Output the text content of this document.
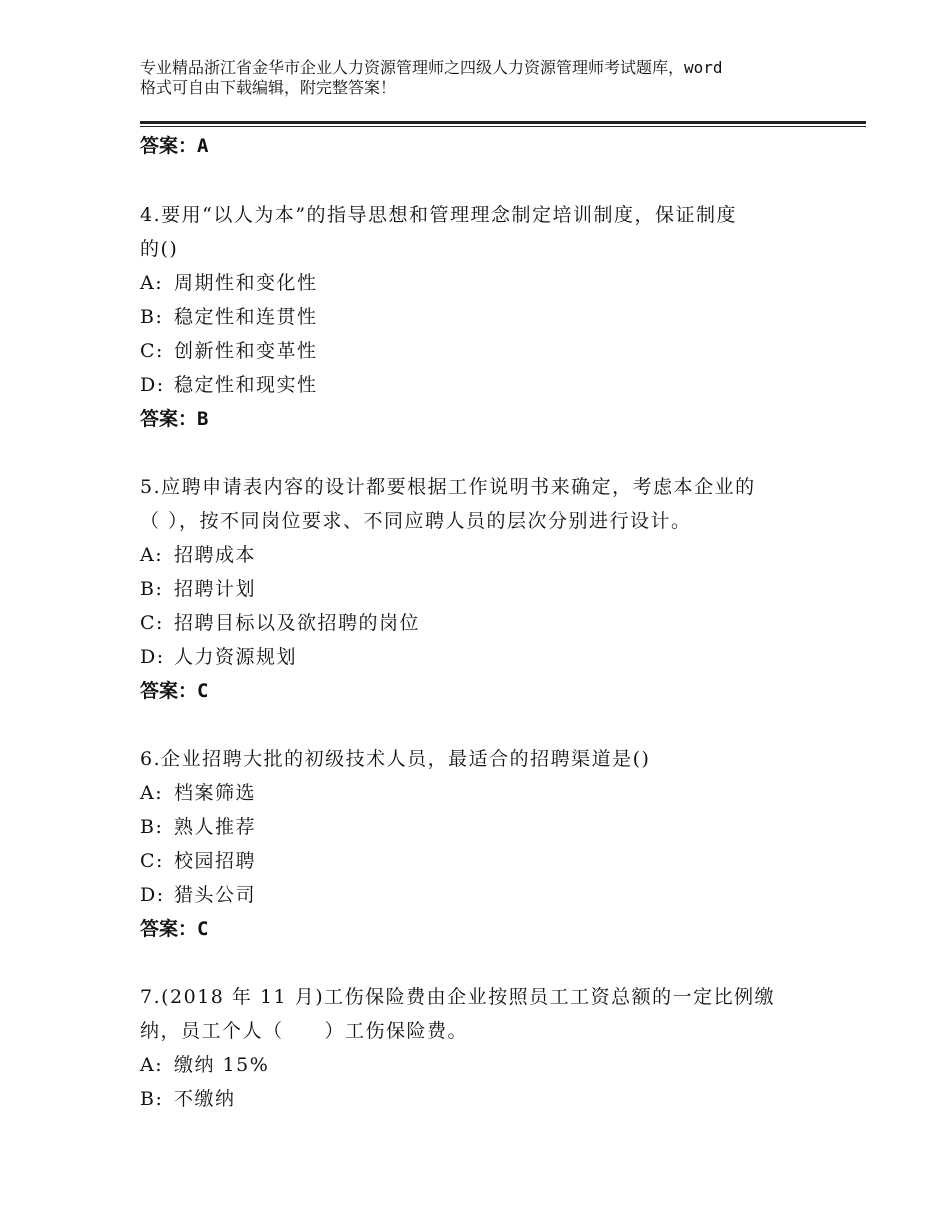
专业精品浙江省金华市企业人力资源管理师之四级人力资源管理师考试题库，word
格式可自由下载编辑，附完整答案！
答案：A
4.要用“以人为本”的指导思想和管理理念制定培训制度，保证制度
的()
A: 周期性和变化性
B: 稳定性和连贯性
C: 创新性和变革性
D: 稳定性和现实性
答案：B
5.应聘申请表内容的设计都要根据工作说明书来确定，考虑本企业的
（ ），按不同岗位要求、不同应聘人员的层次分别进行设计。
A: 招聘成本
B: 招聘计划
C: 招聘目标以及欲招聘的岗位
D: 人力资源规划
答案：C
6.企业招聘大批的初级技术人员，最适合的招聘渠道是()
A: 档案筛选
B: 熟人推荐
C: 校园招聘
D: 猎头公司
答案：C
7.(2018 年 11 月)工伤保险费由企业按照员工工资总额的一定比例缴
纳，员工个人（　　）工伤保险费。
A: 缴纳 15%
B: 不缴纳
